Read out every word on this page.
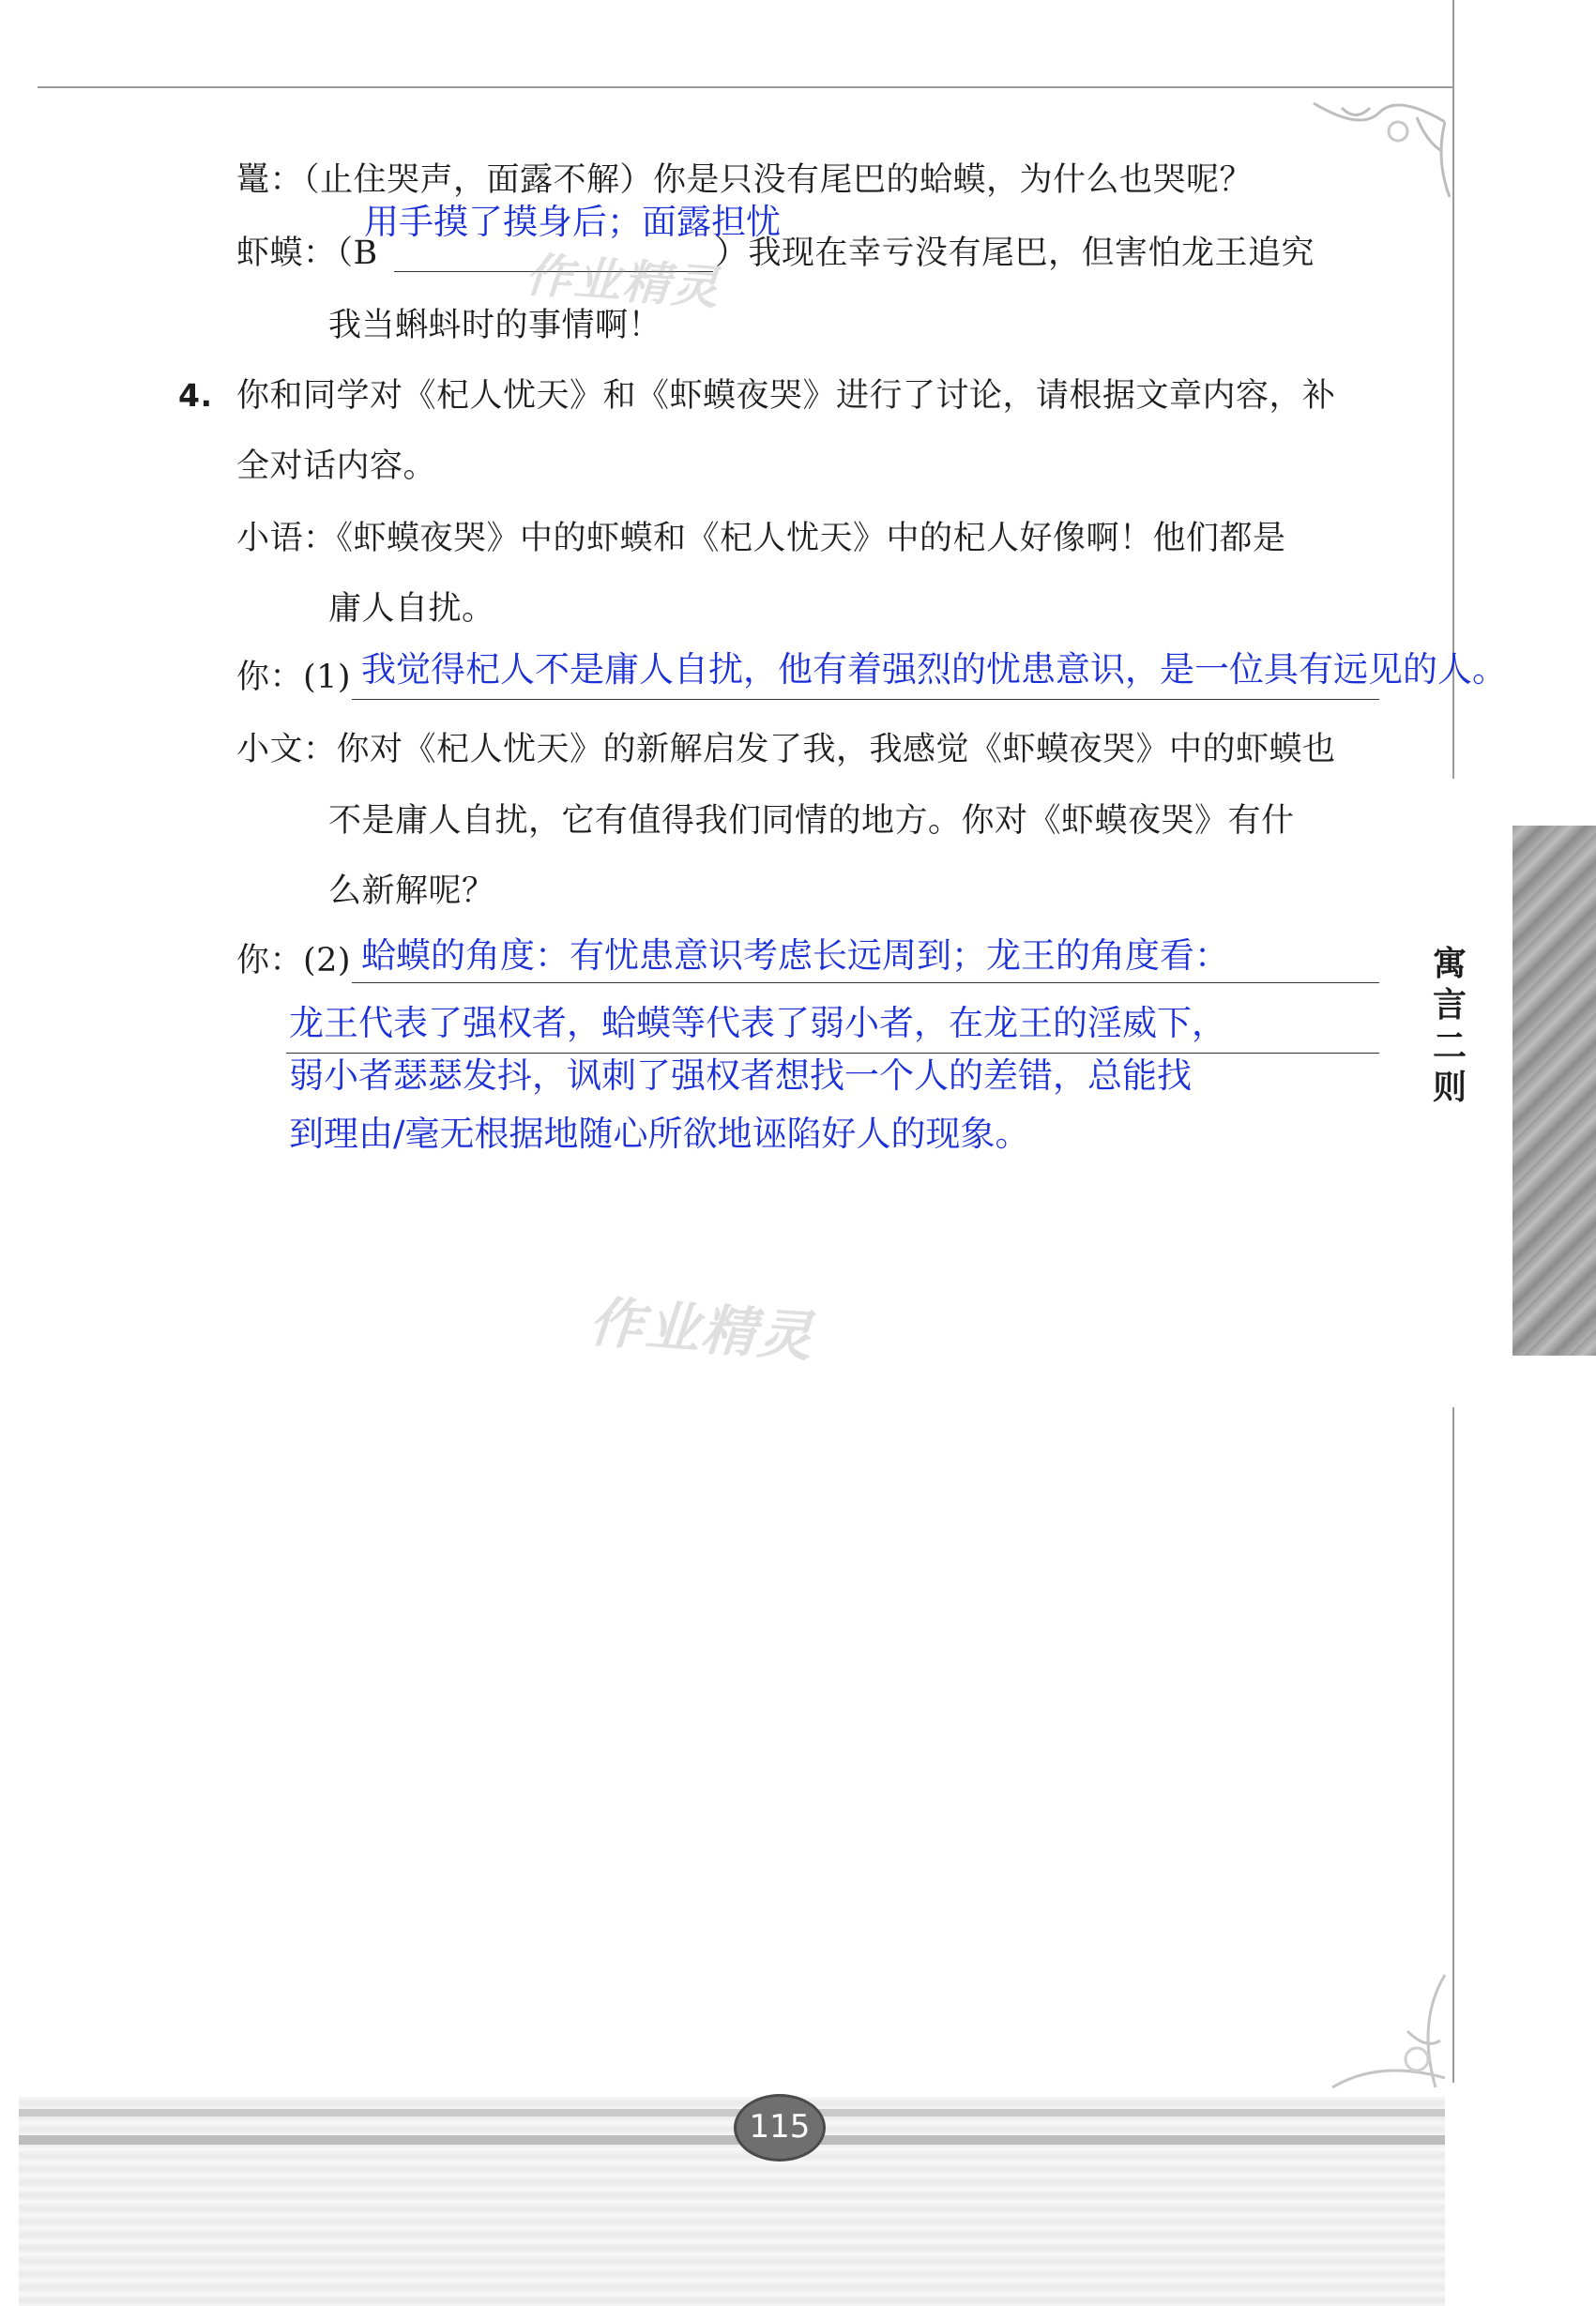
鼍：（止住哭声，面露不解）你是只没有尾巴的蛤蟆，为什么也哭呢？
用手摸了摸身后；面露担忧
虾蟆：（B	）我现在幸亏没有尾巴，但害怕龙王追究
我当蝌蚪时的事情啊！
作业精灵
4. 你和同学对《杞人忧天》和《虾蟆夜哭》进行了讨论，请根据文章内容，补
全对话内容。
小语：《虾蟆夜哭》中的虾蟆和《杞人忧天》中的杞人好像啊！他们都是
庸人自扰。
你：(1) 我觉得杞人不是庸人自扰，他有着强烈的忧患意识，是一位具有远见的人。
小文：你对《杞人忧天》的新解启发了我，我感觉《虾蟆夜哭》中的虾蟆也
不是庸人自扰，它有值得我们同情的地方。你对《虾蟆夜哭》有什
么新解呢？
你：(2) 蛤蟆的角度：有忧患意识考虑长远周到；龙王的角度看：
龙王代表了强权者，蛤蟆等代表了弱小者，在龙王的淫威下，
弱小者瑟瑟发抖，讽刺了强权者想找一个人的差错，总能找
到理由/毫无根据地随心所欲地诬陷好人的现象。
作业精灵
寓言二则
115
